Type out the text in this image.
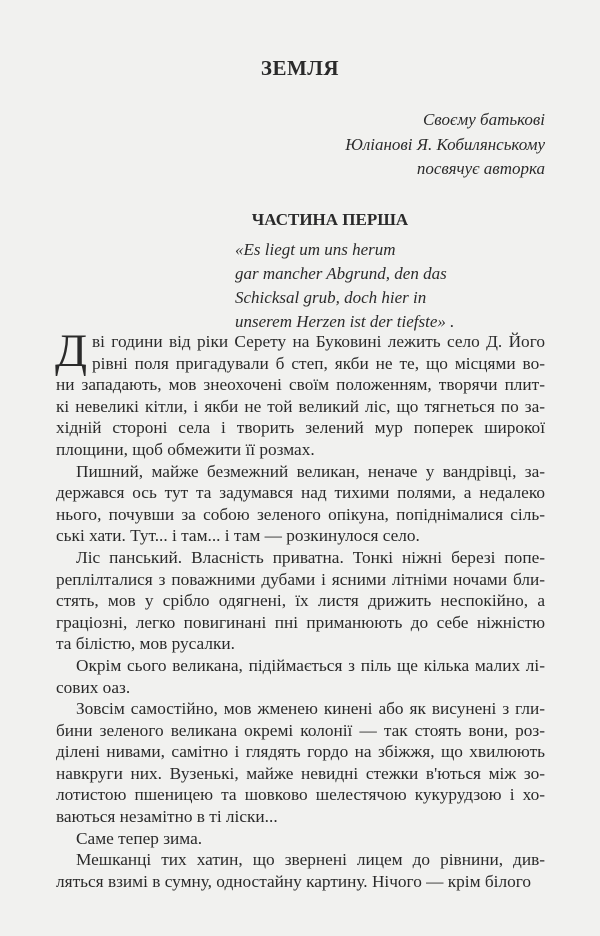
ЗЕМЛЯ
Своєму батькові
Юліанові Я. Кобилянському
посвячує авторка
ЧАСТИНА ПЕРША
«Es liegt um uns herum
gar mancher Abgrund, den das
Schicksal grub, doch hier in
unserem Herzen ist der tiefste» .
Д ві години від ріки Серету на Буковині лежить село Д. Його
рівні поля пригадували б степ, якби не те, що місцями во-
ни западають, мов знеохочені своїм положенням, творячи плит-
кі невеликі кітли, і якби не той великий ліс, що тягнеться по за-
хідній стороні села і творить зелений мур поперек широкої
площини, щоб обмежити її розмах.
Пишний, майже безмежний великан, неначе у вандрівці, за-
держався ось тут та задумався над тихими полями, а недалеко
нього, почувши за собою зеленого опікуна, попіднімалися сіль-
ські хати. Тут... і там... і там — розкинулося село.
Ліс панський. Власність приватна. Тонкі ніжні березі попе-
реплілталися з поважними дубами і ясними літніми ночами бли-
стять, мов у срібло одягнені, їх листя дрижить неспокійно, а
граціозні, легко повигинані пні приманюють до себе ніжністю
та білістю, мов русалки.
Окрім сього великана, підіймається з піль ще кілька малих лі-
сових оаз.
Зовсім самостійно, мов жменею кинені або як висунені з гли-
бини зеленого великана окремі колонії — так стоять вони, роз-
ділені нивами, самітно і глядять гордо на збіжжя, що хвилюють
навкруги них. Вузенькі, майже невидні стежки в'ються між зо-
лотистою пшеницею та шовково шелестячою кукурудзою і хо-
ваються незамітно в ті ліски...
Саме тепер зима.
Мешканці тих хатин, що звернені лицем до рівнини, див-
ляться взимі в сумну, одностайну картину. Нічого — крім білого
